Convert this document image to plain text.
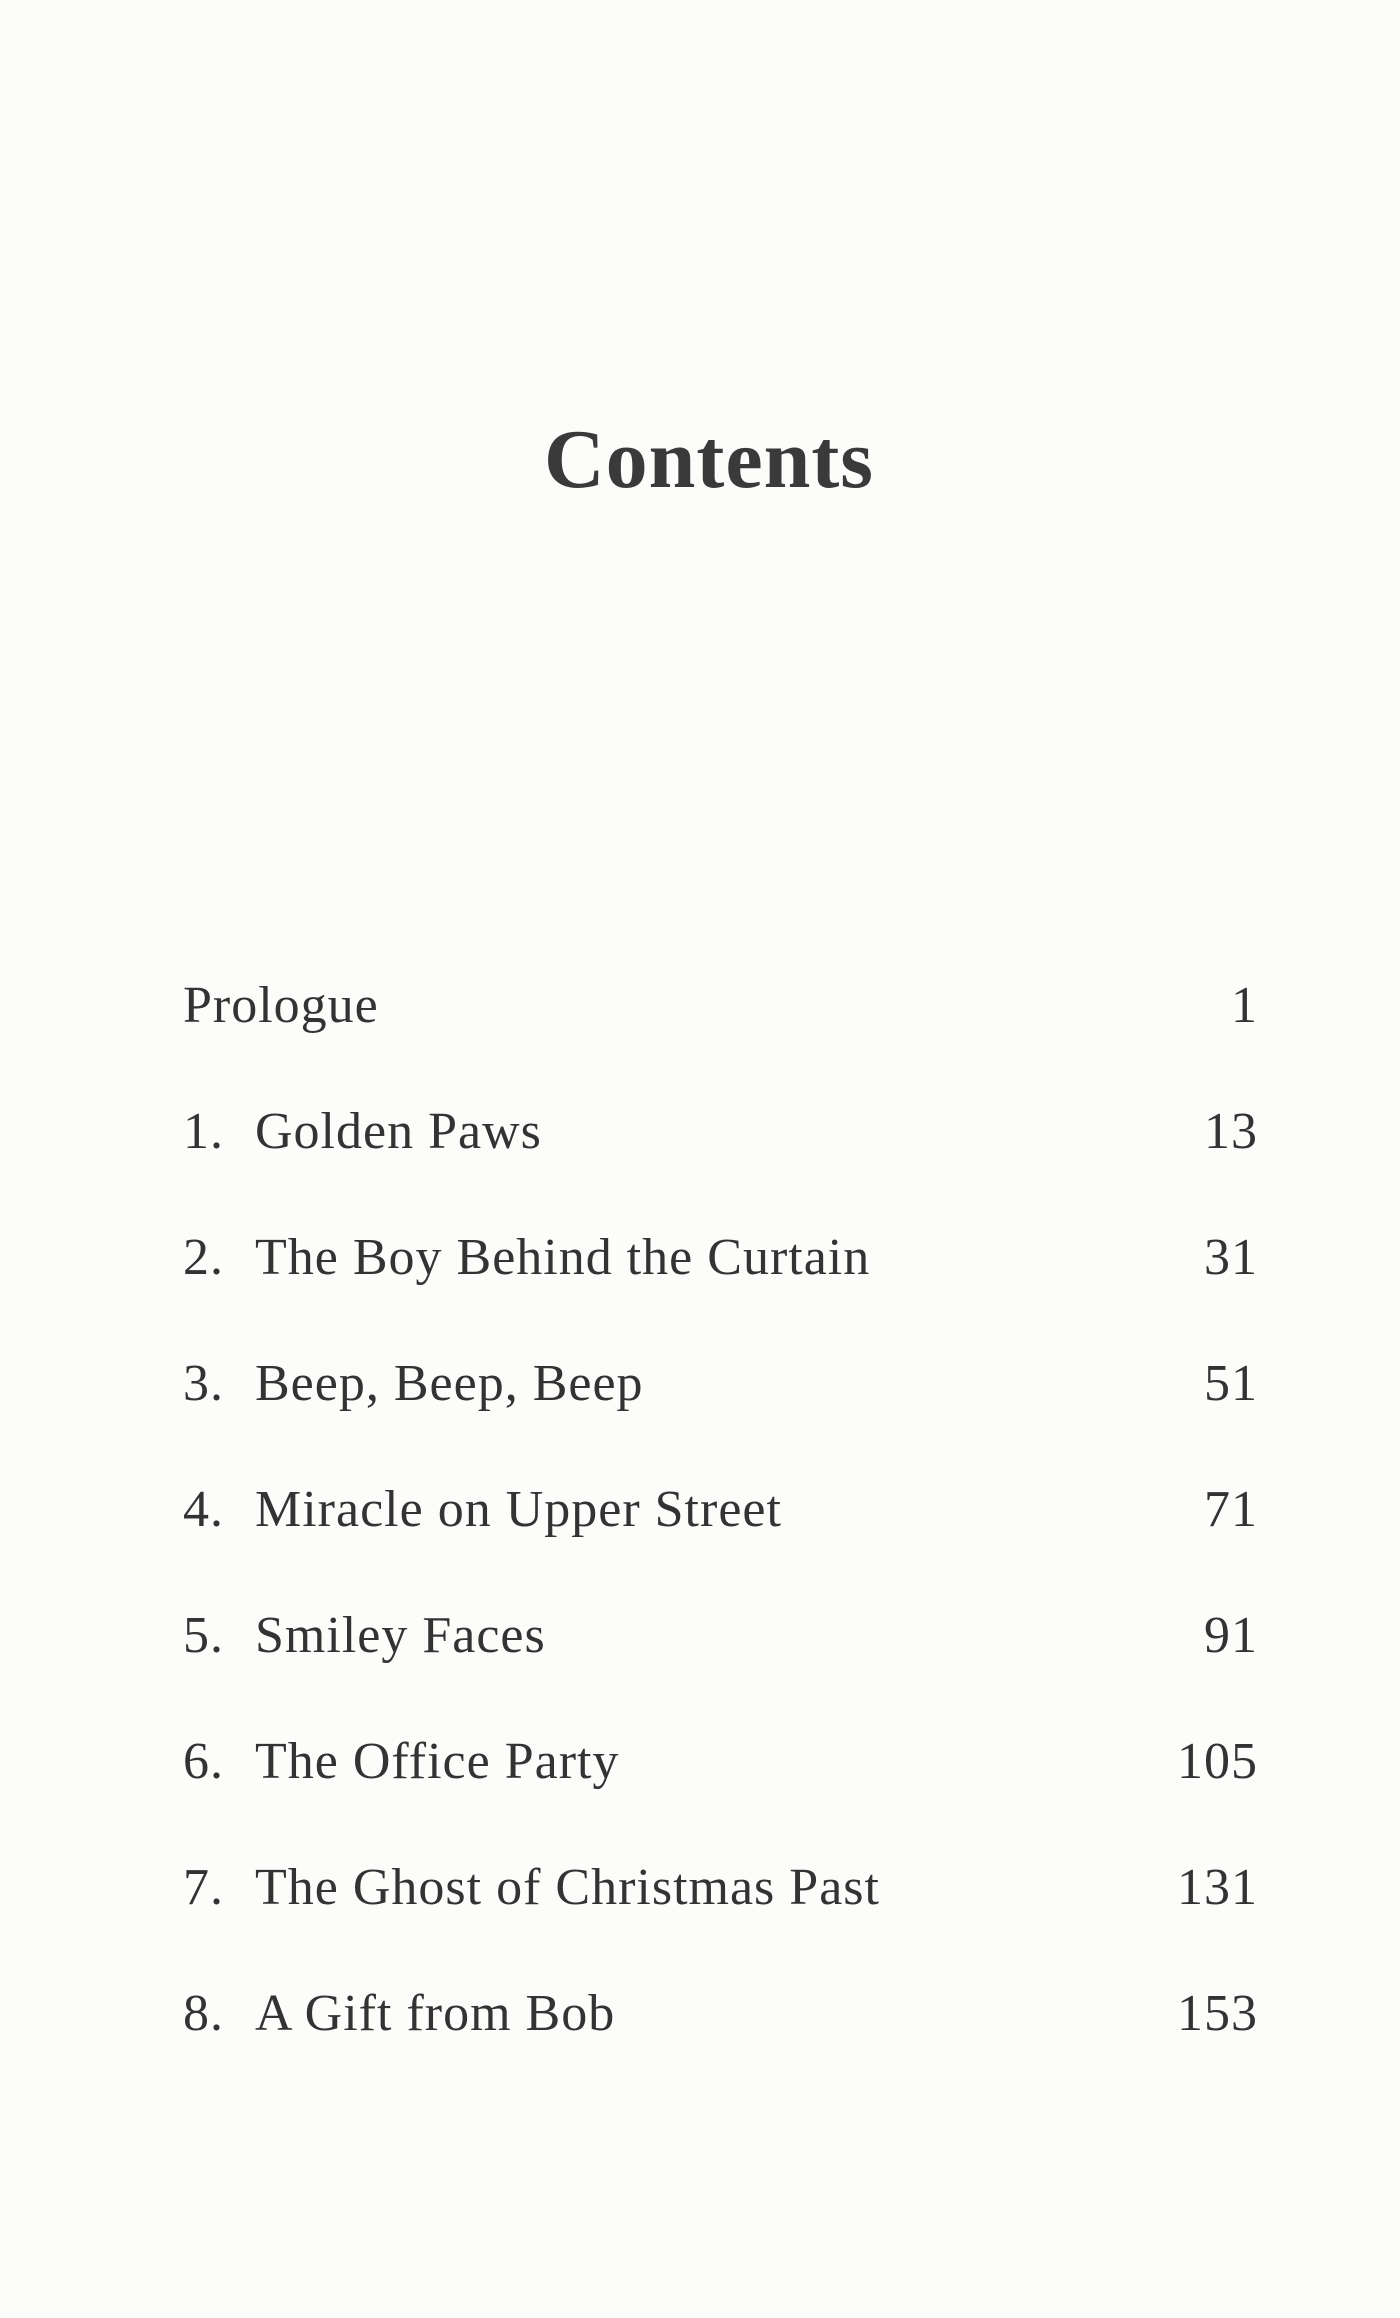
Contents
Prologue	1
1. Golden Paws	13
2. The Boy Behind the Curtain	31
3. Beep, Beep, Beep	51
4. Miracle on Upper Street	71
5. Smiley Faces	91
6. The Office Party	105
7. The Ghost of Christmas Past	131
8. A Gift from Bob	153
